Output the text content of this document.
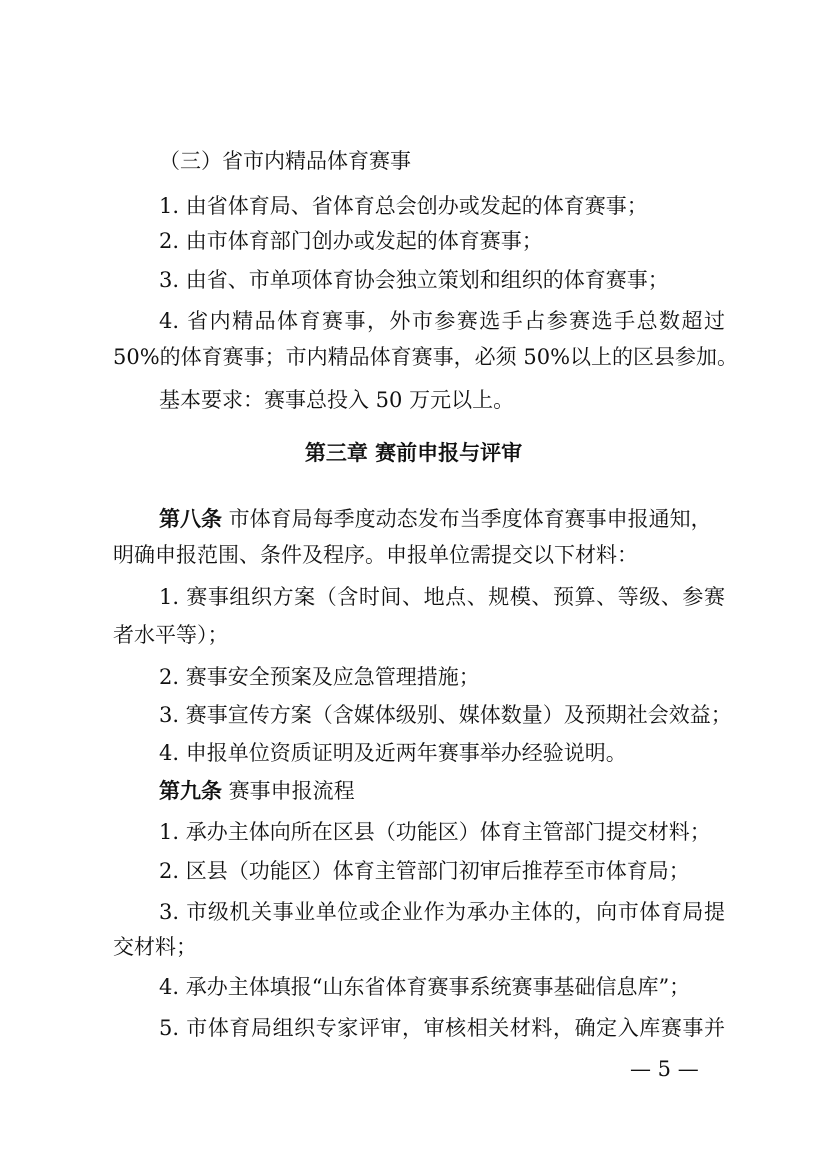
（三）省市内精品体育赛事
1. 由省体育局、省体育总会创办或发起的体育赛事；
2. 由市体育部门创办或发起的体育赛事；
3. 由省、市单项体育协会独立策划和组织的体育赛事；
4. 省内精品体育赛事，外市参赛选手占参赛选手总数超过
50%的体育赛事；市内精品体育赛事，必须 50%以上的区县参加。
基本要求：赛事总投入 50 万元以上。
第三章 赛前申报与评审
第八条 市体育局每季度动态发布当季度体育赛事申报通知，
明确申报范围、条件及程序。申报单位需提交以下材料：
1. 赛事组织方案（含时间、地点、规模、预算、等级、参赛
者水平等）；
2. 赛事安全预案及应急管理措施；
3. 赛事宣传方案（含媒体级别、媒体数量）及预期社会效益；
4. 申报单位资质证明及近两年赛事举办经验说明。
第九条 赛事申报流程
1. 承办主体向所在区县（功能区）体育主管部门提交材料；
2. 区县（功能区）体育主管部门初审后推荐至市体育局；
3. 市级机关事业单位或企业作为承办主体的，向市体育局提
交材料；
4. 承办主体填报“山东省体育赛事系统赛事基础信息库”；
5. 市体育局组织专家评审，审核相关材料，确定入库赛事并
— 5 —
